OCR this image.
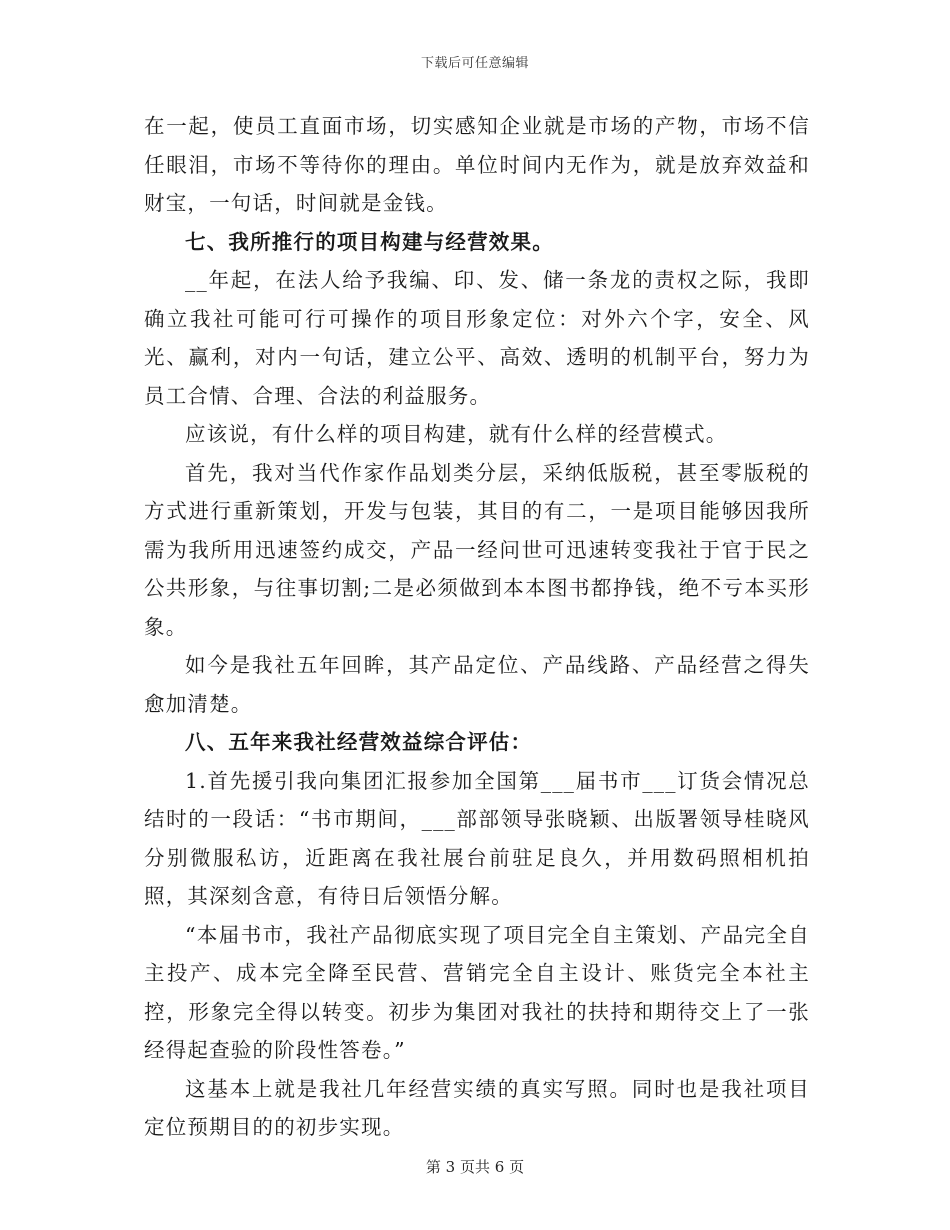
下载后可任意编辑

在一起，使员工直面市场，切实感知企业就是市场的产物，市场不信任眼泪，市场不等待你的理由。单位时间内无作为，就是放弃效益和财宝，一句话，时间就是金钱。

七、我所推行的项目构建与经营效果。

__年起，在法人给予我编、印、发、储一条龙的责权之际，我即确立我社可能可行可操作的项目形象定位：对外六个字，安全、风光、赢利，对内一句话，建立公平、高效、透明的机制平台，努力为员工合情、合理、合法的利益服务。

应该说，有什么样的项目构建，就有什么样的经营模式。

首先，我对当代作家作品划类分层，采纳低版税，甚至零版税的方式进行重新策划，开发与包装，其目的有二，一是项目能够因我所需为我所用迅速签约成交，产品一经问世可迅速转变我社于官于民之公共形象，与往事切割;二是必须做到本本图书都挣钱，绝不亏本买形象。

如今是我社五年回眸，其产品定位、产品线路、产品经营之得失愈加清楚。

八、五年来我社经营效益综合评估：

1.首先援引我向集团汇报参加全国第___届书市___订货会情况总结时的一段话：“书市期间，___部部领导张晓颖、出版署领导桂晓风分别微服私访，近距离在我社展台前驻足良久，并用数码照相机拍照，其深刻含意，有待日后领悟分解。

“本届书市，我社产品彻底实现了项目完全自主策划、产品完全自主投产、成本完全降至民营、营销完全自主设计、账货完全本社主控，形象完全得以转变。初步为集团对我社的扶持和期待交上了一张经得起查验的阶段性答卷。”

这基本上就是我社几年经营实绩的真实写照。同时也是我社项目定位预期目的的初步实现。

第 3 页共 6 页
